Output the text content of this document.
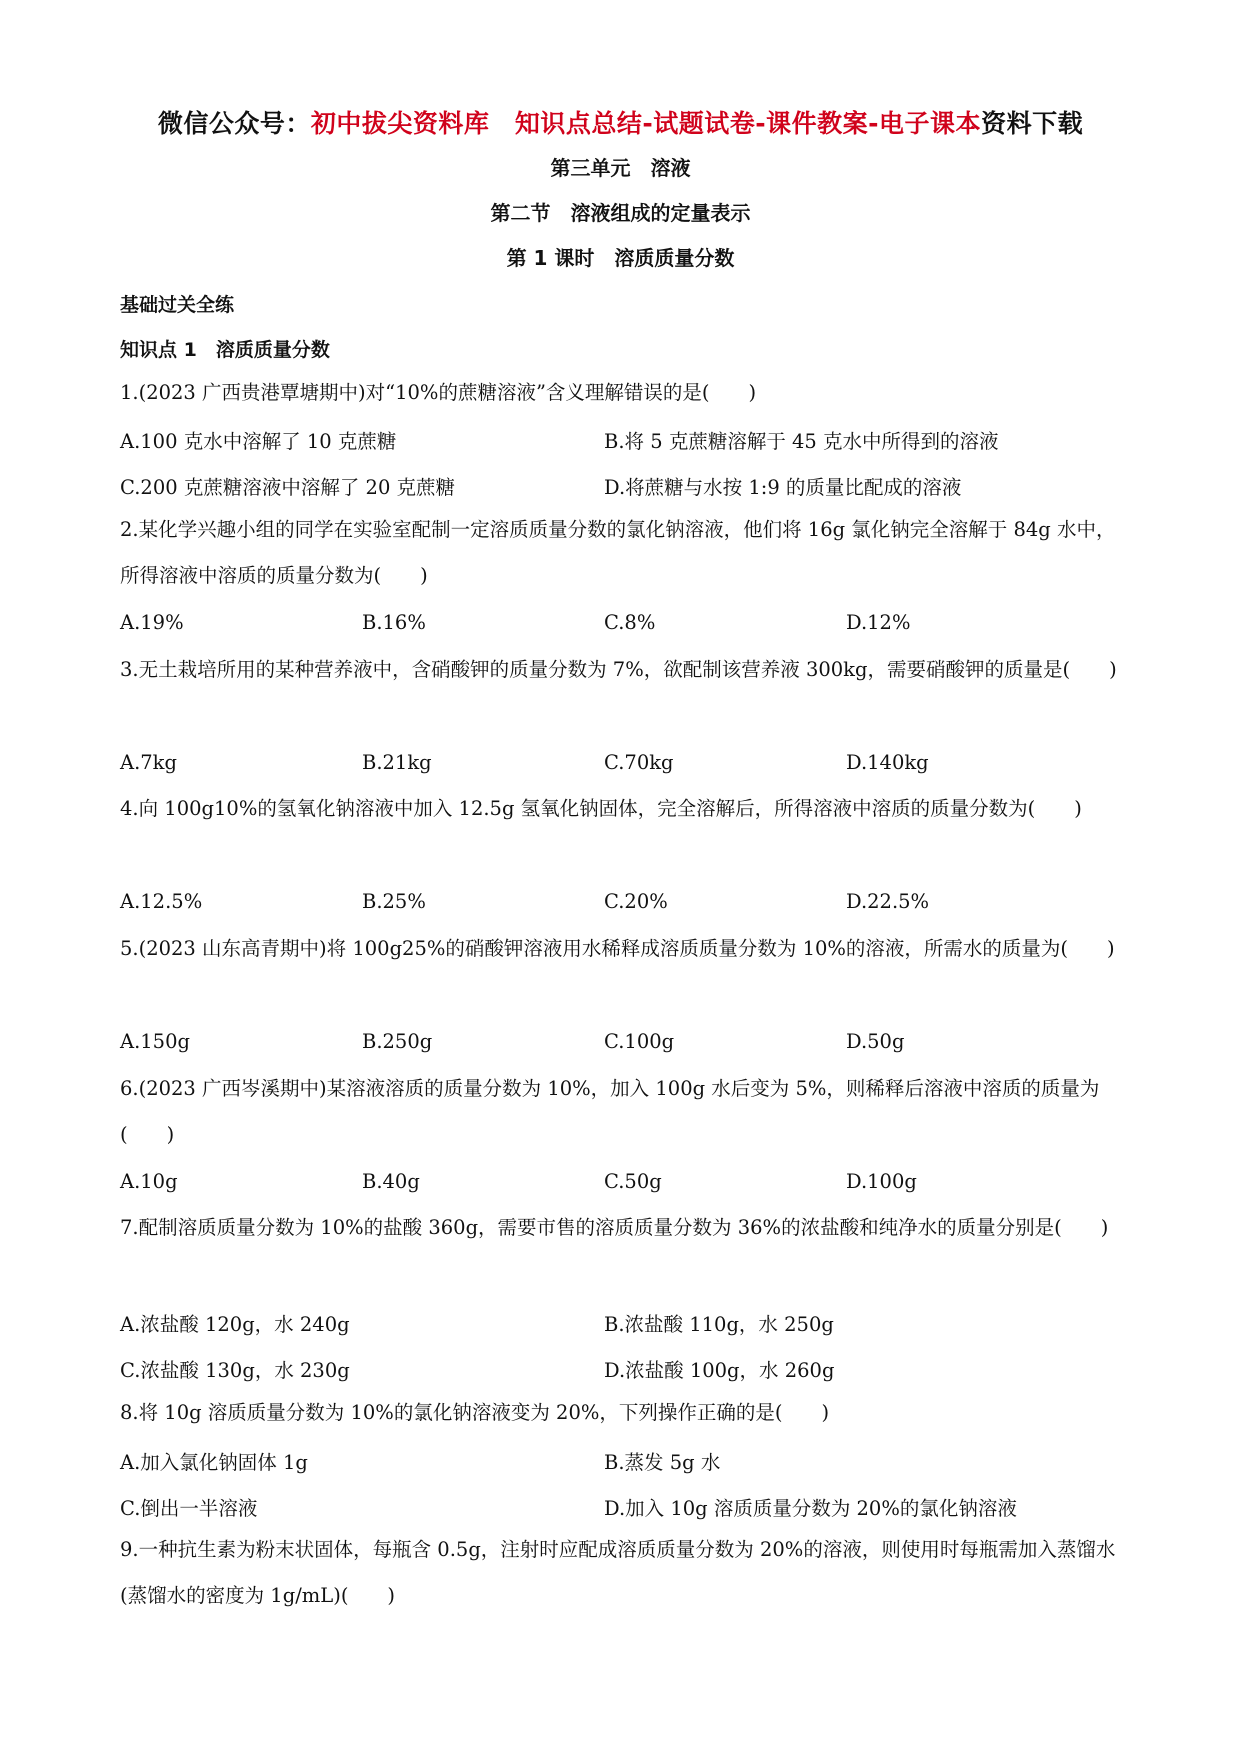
微信公众号：初中拔尖资料库　知识点总结-试题试卷-课件教案-电子课本资料下载
第三单元　溶液
第二节　溶液组成的定量表示
第 1 课时　溶质质量分数
基础过关全练
知识点 1　溶质质量分数
1.(2023 广西贵港覃塘期中)对“10%的蔗糖溶液”含义理解错误的是(　　)
A.100 克水中溶解了 10 克蔗糖	B.将 5 克蔗糖溶解于 45 克水中所得到的溶液
C.200 克蔗糖溶液中溶解了 20 克蔗糖	D.将蔗糖与水按 1:9 的质量比配成的溶液
2.某化学兴趣小组的同学在实验室配制一定溶质质量分数的氯化钠溶液，他们将 16g 氯化钠完全溶解于 84g 水中，所得溶液中溶质的质量分数为(　　)
A.19%	B.16%	C.8%	D.12%
3.无土栽培所用的某种营养液中，含硝酸钾的质量分数为 7%，欲配制该营养液 300kg，需要硝酸钾的质量是(　　)
A.7kg	B.21kg	C.70kg	D.140kg
4.向 100g10%的氢氧化钠溶液中加入 12.5g 氢氧化钠固体，完全溶解后，所得溶液中溶质的质量分数为(　　)
A.12.5%	B.25%	C.20%	D.22.5%
5.(2023 山东高青期中)将 100g25%的硝酸钾溶液用水稀释成溶质质量分数为 10%的溶液，所需水的质量为(　　)
A.150g	B.250g	C.100g	D.50g
6.(2023 广西岑溪期中)某溶液溶质的质量分数为 10%，加入 100g 水后变为 5%，则稀释后溶液中溶质的质量为(　　)
A.10g	B.40g	C.50g	D.100g
7.配制溶质质量分数为 10%的盐酸 360g，需要市售的溶质质量分数为 36%的浓盐酸和纯净水的质量分别是(　　)
A.浓盐酸 120g，水 240g	B.浓盐酸 110g，水 250g
C.浓盐酸 130g，水 230g	D.浓盐酸 100g，水 260g
8.将 10g 溶质质量分数为 10%的氯化钠溶液变为 20%，下列操作正确的是(　　)
A.加入氯化钠固体 1g	B.蒸发 5g 水
C.倒出一半溶液	D.加入 10g 溶质质量分数为 20%的氯化钠溶液
9.一种抗生素为粉末状固体，每瓶含 0.5g，注射时应配成溶质质量分数为 20%的溶液，则使用时每瓶需加入蒸馏水(蒸馏水的密度为 1g/mL)(　　)
